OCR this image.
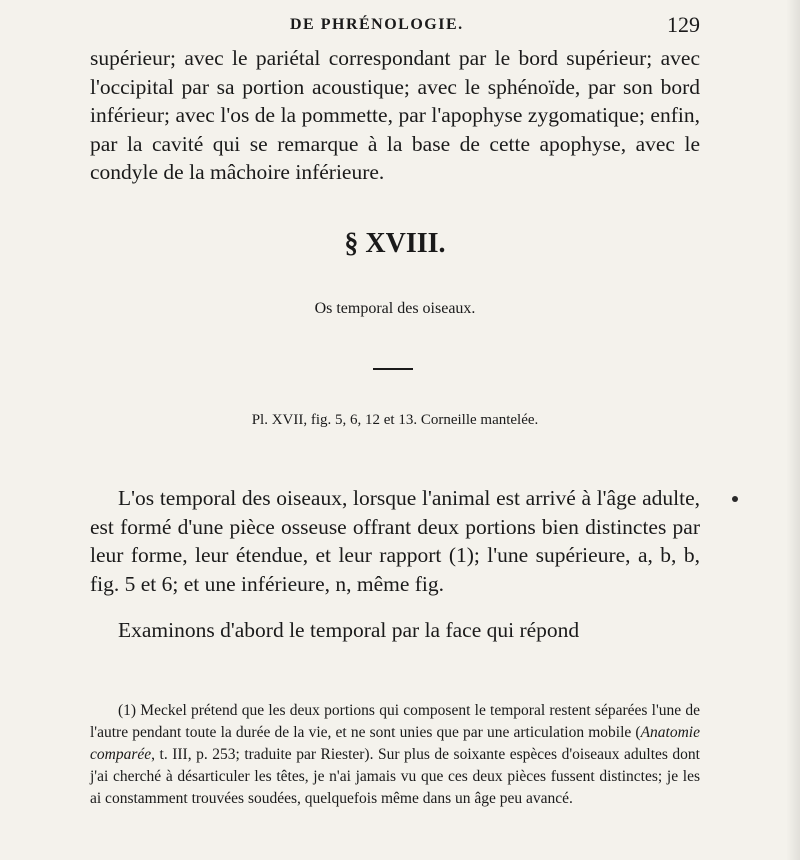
DE PHRÉNOLOGIE.	129

supérieur; avec le pariétal correspondant par le bord supérieur; avec l'occipital par sa portion acoustique; avec le sphénoïde, par son bord inférieur; avec l'os de la pommette, par l'apophyse zygomatique; enfin, par la cavité qui se remarque à la base de cette apophyse, avec le condyle de la mâchoire inférieure.

§ XVIII.
Os temporal des oiseaux.
Pl. XVII, fig. 5, 6, 12 et 13. Corneille mantelée.

L'os temporal des oiseaux, lorsque l'animal est arrivé à l'âge adulte, est formé d'une pièce osseuse offrant deux portions bien distinctes par leur forme, leur étendue, et leur rapport (1); l'une supérieure, a, b, b, fig. 5 et 6; et une inférieure, n, même fig.

Examinons d'abord le temporal par la face qui répond

(1) Meckel prétend que les deux portions qui composent le temporal restent séparées l'une de l'autre pendant toute la durée de la vie, et ne sont unies que par une articulation mobile (Anatomie comparée, t. III, p. 253; traduite par Riester). Sur plus de soixante espèces d'oiseaux adultes dont j'ai cherché à désarticuler les têtes, je n'ai jamais vu que ces deux pièces fussent distinctes; je les ai constamment trouvées soudées, quelquefois même dans un âge peu avancé.
